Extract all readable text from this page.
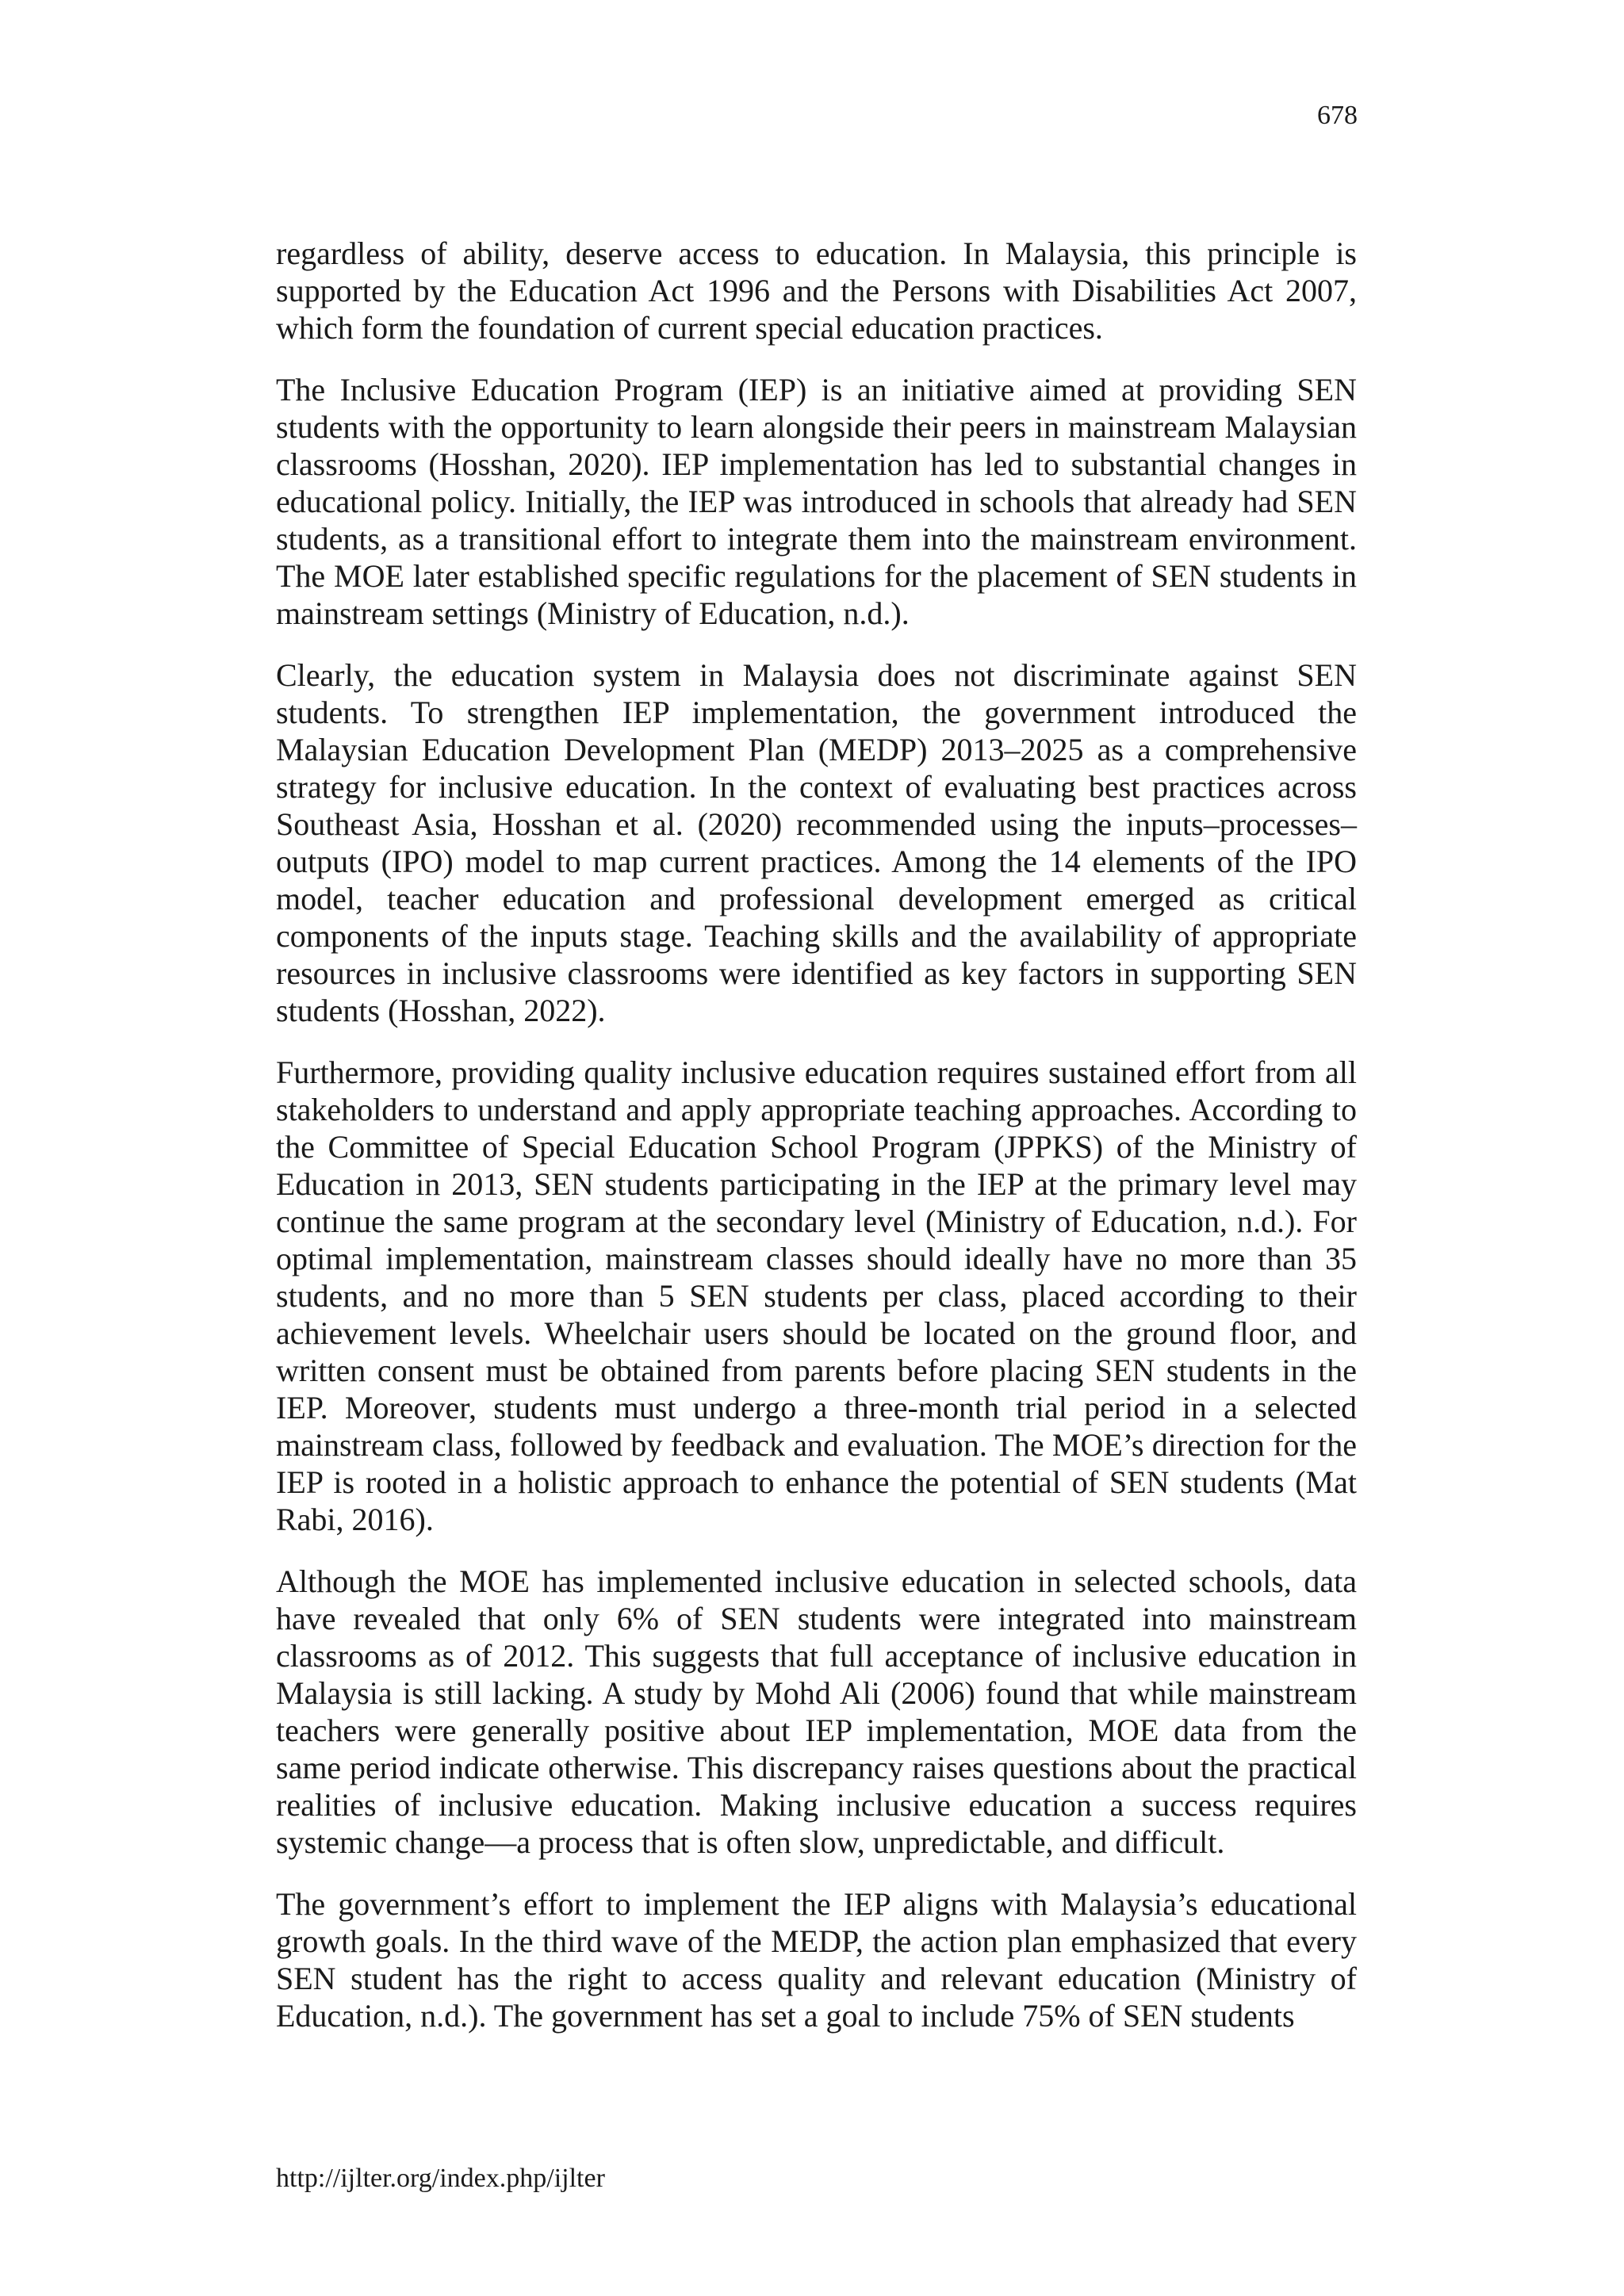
678

regardless of ability, deserve access to education. In Malaysia, this principle is supported by the Education Act 1996 and the Persons with Disabilities Act 2007, which form the foundation of current special education practices.

The Inclusive Education Program (IEP) is an initiative aimed at providing SEN students with the opportunity to learn alongside their peers in mainstream Malaysian classrooms (Hosshan, 2020). IEP implementation has led to substantial changes in educational policy. Initially, the IEP was introduced in schools that already had SEN students, as a transitional effort to integrate them into the mainstream environment. The MOE later established specific regulations for the placement of SEN students in mainstream settings (Ministry of Education, n.d.).

Clearly, the education system in Malaysia does not discriminate against SEN students. To strengthen IEP implementation, the government introduced the Malaysian Education Development Plan (MEDP) 2013–2025 as a comprehensive strategy for inclusive education. In the context of evaluating best practices across Southeast Asia, Hosshan et al. (2020) recommended using the inputs–processes–outputs (IPO) model to map current practices. Among the 14 elements of the IPO model, teacher education and professional development emerged as critical components of the inputs stage. Teaching skills and the availability of appropriate resources in inclusive classrooms were identified as key factors in supporting SEN students (Hosshan, 2022).

Furthermore, providing quality inclusive education requires sustained effort from all stakeholders to understand and apply appropriate teaching approaches. According to the Committee of Special Education School Program (JPPKS) of the Ministry of Education in 2013, SEN students participating in the IEP at the primary level may continue the same program at the secondary level (Ministry of Education, n.d.). For optimal implementation, mainstream classes should ideally have no more than 35 students, and no more than 5 SEN students per class, placed according to their achievement levels. Wheelchair users should be located on the ground floor, and written consent must be obtained from parents before placing SEN students in the IEP. Moreover, students must undergo a three-month trial period in a selected mainstream class, followed by feedback and evaluation. The MOE’s direction for the IEP is rooted in a holistic approach to enhance the potential of SEN students (Mat Rabi, 2016).

Although the MOE has implemented inclusive education in selected schools, data have revealed that only 6% of SEN students were integrated into mainstream classrooms as of 2012. This suggests that full acceptance of inclusive education in Malaysia is still lacking. A study by Mohd Ali (2006) found that while mainstream teachers were generally positive about IEP implementation, MOE data from the same period indicate otherwise. This discrepancy raises questions about the practical realities of inclusive education. Making inclusive education a success requires systemic change—a process that is often slow, unpredictable, and difficult.

The government’s effort to implement the IEP aligns with Malaysia’s educational growth goals. In the third wave of the MEDP, the action plan emphasized that every SEN student has the right to access quality and relevant education (Ministry of Education, n.d.). The government has set a goal to include 75% of SEN students

http://ijlter.org/index.php/ijlter
